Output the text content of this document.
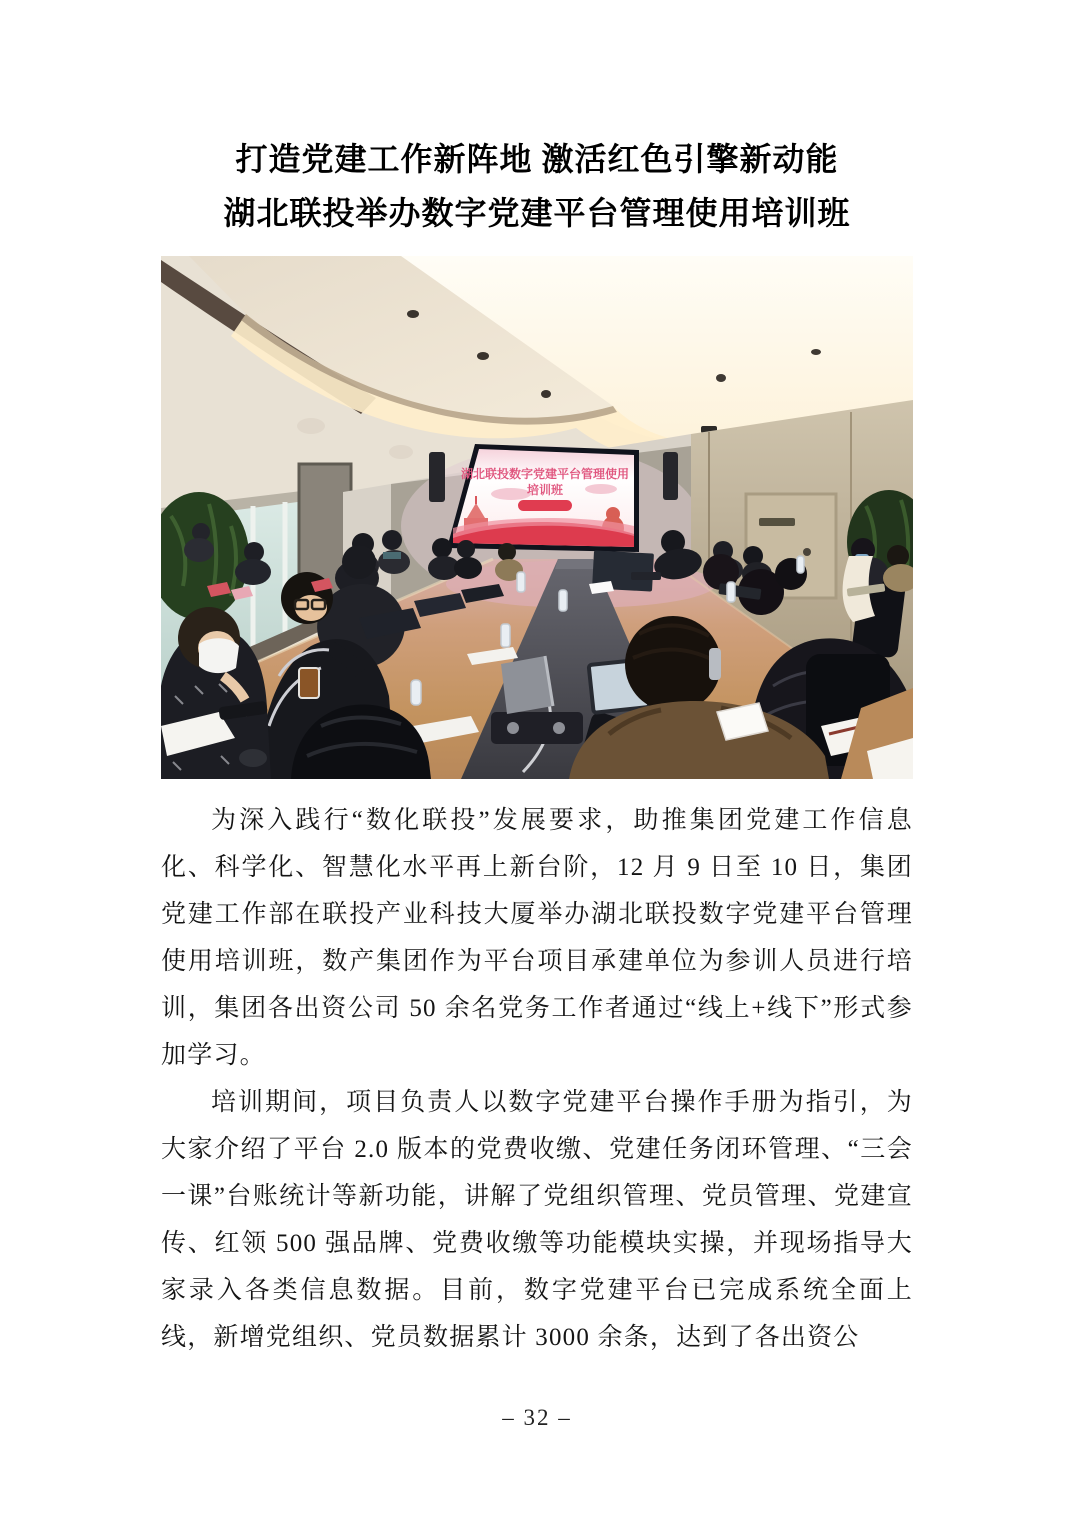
打造党建工作新阵地 激活红色引擎新动能
湖北联投举办数字党建平台管理使用培训班
湖北联投数字党建平台管理使用
培训班

为深入践行“数化联投”发展要求，助推集团党建工作信息化、科学化、智慧化水平再上新台阶，12 月 9 日至 10 日，集团党建工作部在联投产业科技大厦举办湖北联投数字党建平台管理使用培训班，数产集团作为平台项目承建单位为参训人员进行培训，集团各出资公司 50 余名党务工作者通过“线上+线下”形式参加学习。

培训期间，项目负责人以数字党建平台操作手册为指引，为大家介绍了平台 2.0 版本的党费收缴、党建任务闭环管理、“三会一课”台账统计等新功能，讲解了党组织管理、党员管理、党建宣传、红领 500 强品牌、党费收缴等功能模块实操，并现场指导大家录入各类信息数据。目前，数字党建平台已完成系统全面上线，新增党组织、党员数据累计 3000 余条，达到了各出资公

– 32 –
